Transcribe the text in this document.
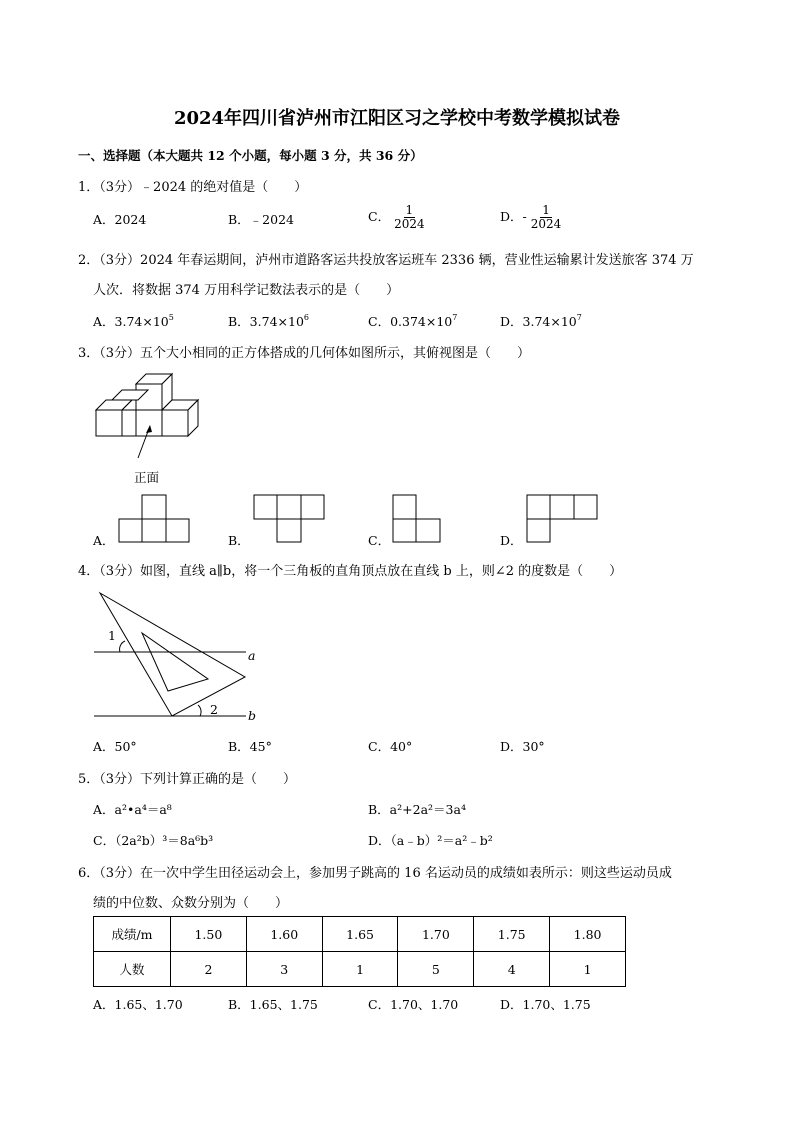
2024年四川省泸州市江阳区习之学校中考数学模拟试卷
一、选择题（本大题共 12 个小题，每小题 3 分，共 36 分）
1．（3分）﹣2024 的绝对值是（　　）
A．2024	B．﹣2024	C． $\frac{1}{2024}$	D．- $\frac{1}{2024}$
2．（3分）2024 年春运期间，泸州市道路客运共投放客运班车 2336 辆，营业性运输累计发送旅客 374 万
人次．将数据 374 万用科学记数法表示的是（　　）
A．$3.74\times 10^5$	B．$3.74\times 10^6$	C．$0.374\times 10^7$	D．$3.74\times 10^7$
3．（3分）五个大小相同的正方体搭成的几何体如图所示，其俯视图是（　　）
正面
A．	B．	C．	D．
4．（3分）如图，直线 a∥b，将一个三角板的直角顶点放在直线 b 上，则∠2 的度数是（　　）
1
2
a
b
A．50°	B．45°	C．40°	D．30°
5．（3分）下列计算正确的是（　　）
A．a²•a⁴＝a⁸	B．a²+2a²＝3a⁴
C．（2a²b）³＝8a⁶b³	D．（a﹣b）²＝a²﹣b²
6．（3分）在一次中学生田径运动会上，参加男子跳高的 16 名运动员的成绩如表所示：则这些运动员成
绩的中位数、众数分别为（　　）
成绩/m	1.50	1.60	1.65	1.70	1.75	1.80
人数	2	3	1	5	4	1
A．1.65、1.70	B．1.65、1.75	C．1.70、1.70	D．1.70、1.75
